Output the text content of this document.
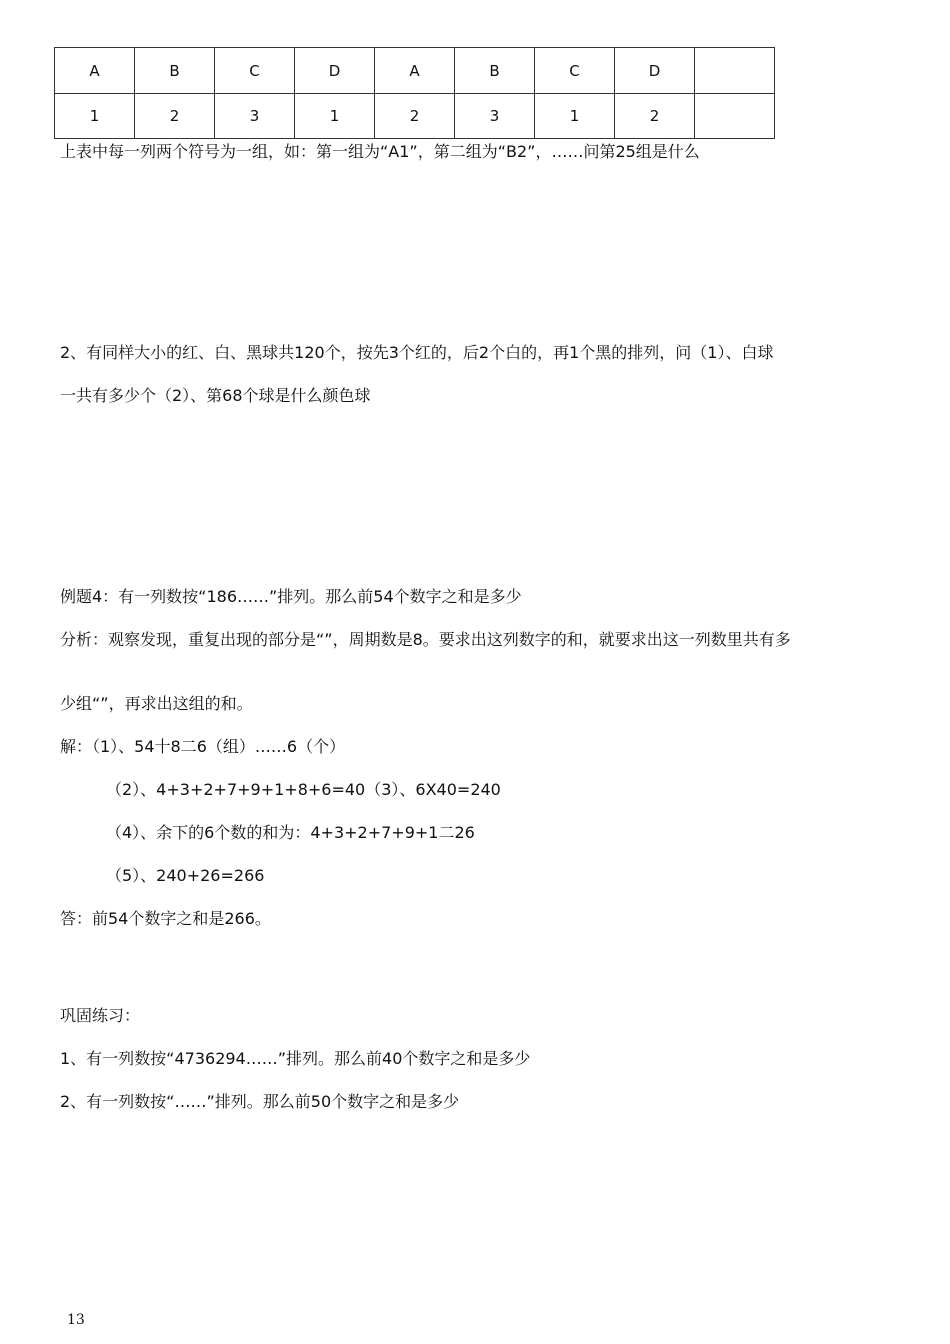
A	B	C	D	A	B	C	D	
1	2	3	1	2	3	1	2	
上表中每一列两个符号为一组，如：第一组为“A1”，第二组为“B2”，……问第25组是什么
2、有同样大小的红、白、黑球共120个，按先3个红的，后2个白的，再1个黑的排列，问（1）、白球
一共有多少个（2）、第68个球是什么颜色球
例题4：有一列数按“186……”排列。那么前54个数字之和是多少
分析：观察发现，重复出现的部分是“”，周期数是8。要求出这列数字的和，就要求出这一列数里共有多
少组“”，再求出这组的和。
解：（1）、54十8二6（组）……6（个）
（2）、4+3+2+7+9+1+8+6=40（3）、6X40=240
（4）、余下的6个数的和为：4+3+2+7+9+1二26
（5）、240+26=266
答：前54个数字之和是266。
巩固练习：
1、有一列数按“4736294……”排列。那么前40个数字之和是多少
2、有一列数按“……”排列。那么前50个数字之和是多少
13
